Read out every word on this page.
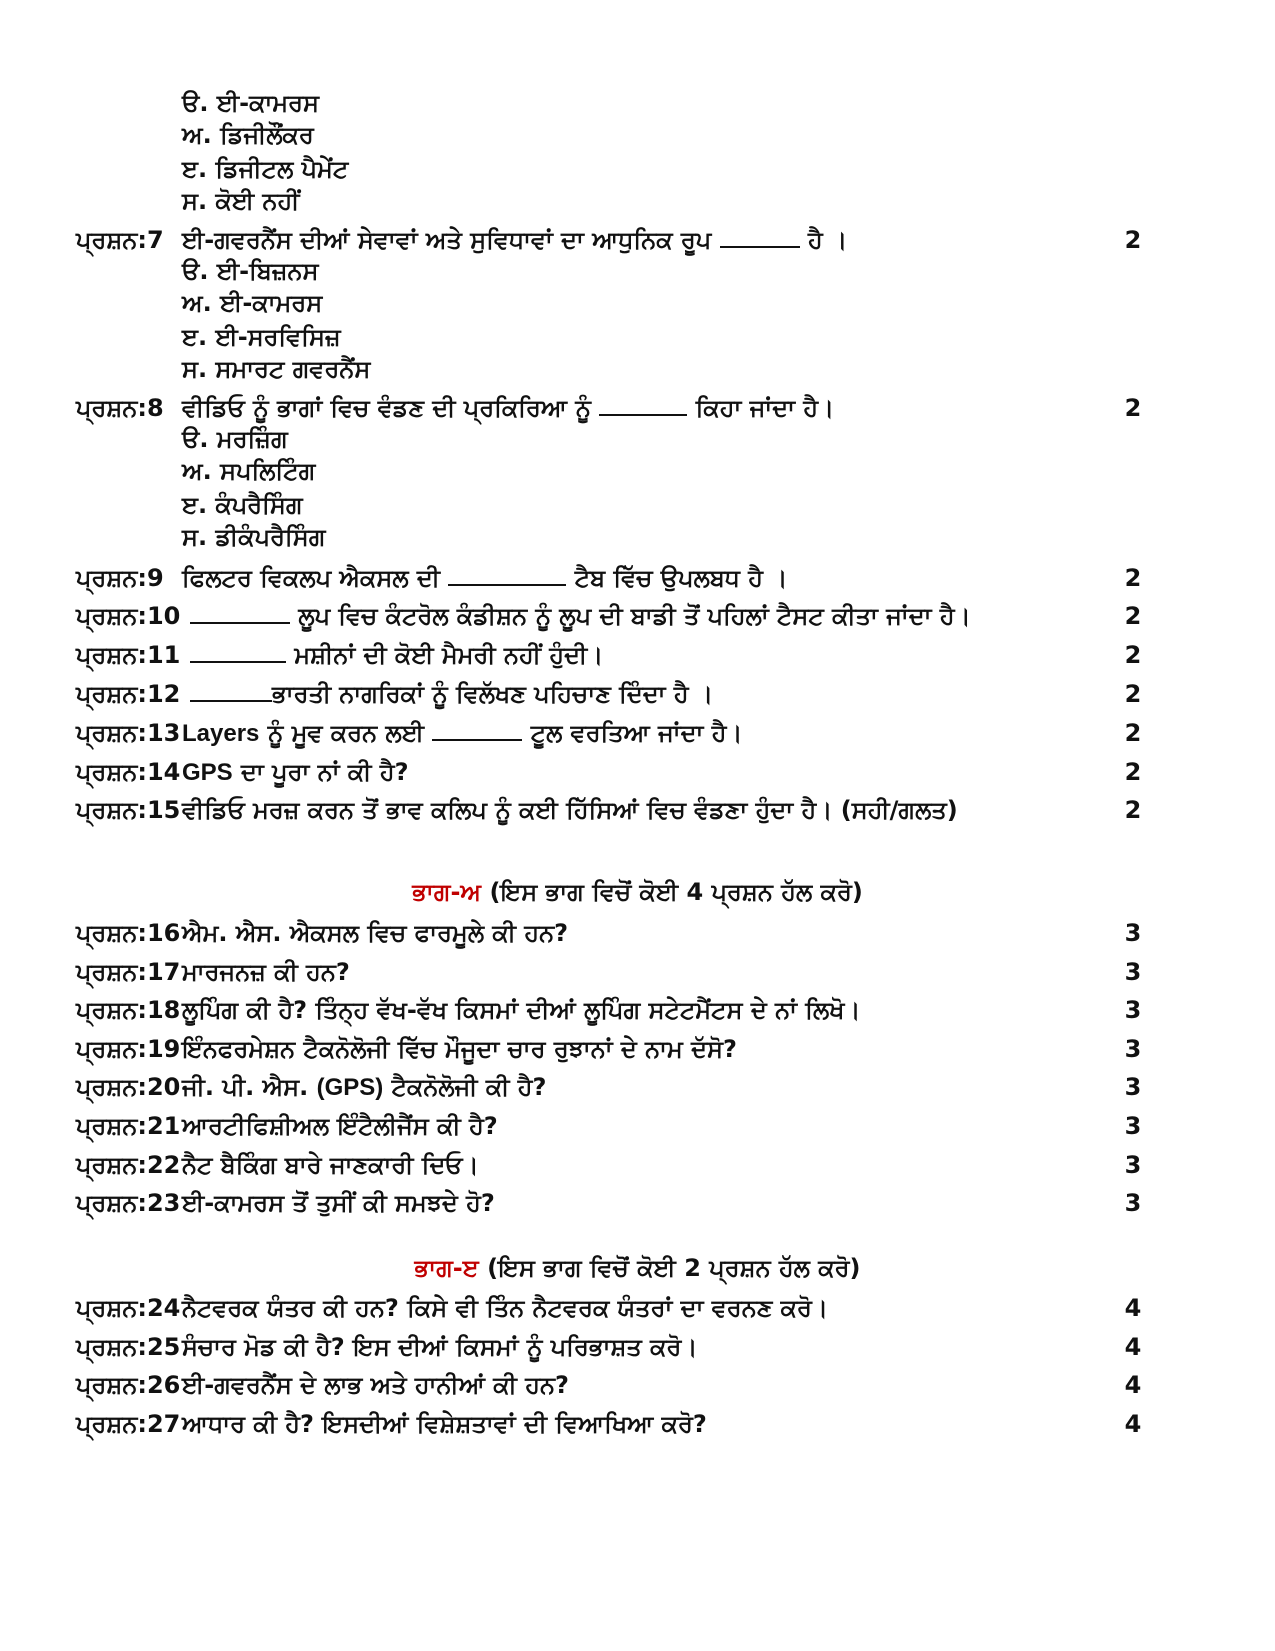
ੳ. ਈ-ਕਾਮਰਸ
ਅ. ਡਿਜੀਲੌਂਕਰ
ੲ. ਡਿਜੀਟਲ ਪੈਮੇਂਟ
ਸ. ਕੋਈ ਨਹੀਂ
ਪ੍ਰਸ਼ਨ:7 ਈ-ਗਵਰਨੈਂਸ ਦੀਆਂ ਸੇਵਾਵਾਂ ਅਤੇ ਸੁਵਿਧਾਵਾਂ ਦਾ ਆਧੁਨਿਕ ਰੂਪ	ਹੈ ।	2
ੳ. ਈ-ਬਿਜ਼ਨਸ
ਅ. ਈ-ਕਾਮਰਸ
ੲ. ਈ-ਸਰਵਿਸਿਜ਼
ਸ. ਸਮਾਰਟ ਗਵਰਨੈਂਸ
ਪ੍ਰਸ਼ਨ:8 ਵੀਡਿਓ ਨੂੰ ਭਾਗਾਂ ਵਿਚ ਵੰਡਣ ਦੀ ਪ੍ਰਕਿਰਿਆ ਨੂੰ	ਕਿਹਾ ਜਾਂਦਾ ਹੈ।	2
ੳ. ਮਰਜ਼ਿੰਗ
ਅ. ਸਪਲਿਟਿੰਗ
ੲ. ਕੰਪਰੈਸਿੰਗ
ਸ. ਡੀਕੰਪਰੈਸਿੰਗ
ਪ੍ਰਸ਼ਨ:9 ਫਿਲਟਰ ਵਿਕਲਪ ਐਕਸਲ ਦੀ	ਟੈਬ ਵਿੱਚ ਉਪਲਬਧ ਹੈ ।	2
ਪ੍ਰਸ਼ਨ:10	ਲੂਪ ਵਿਚ ਕੰਟਰੋਲ ਕੰਡੀਸ਼ਨ ਨੂੰ ਲੂਪ ਦੀ ਬਾਡੀ ਤੋਂ ਪਹਿਲਾਂ ਟੈਸਟ ਕੀਤਾ ਜਾਂਦਾ ਹੈ।	2
ਪ੍ਰਸ਼ਨ:11	ਮਸ਼ੀਨਾਂ ਦੀ ਕੋਈ ਮੈਮਰੀ ਨਹੀਂ ਹੁੰਦੀ।	2
ਪ੍ਰਸ਼ਨ:12	ਭਾਰਤੀ ਨਾਗਰਿਕਾਂ ਨੂੰ ਵਿਲੱਖਣ ਪਹਿਚਾਣ ਦਿੰਦਾ ਹੈ ।	2
ਪ੍ਰਸ਼ਨ:13 Layers ਨੂੰ ਮੂਵ ਕਰਨ ਲਈ	ਟੂਲ ਵਰਤਿਆ ਜਾਂਦਾ ਹੈ।	2
ਪ੍ਰਸ਼ਨ:14 GPS ਦਾ ਪੂਰਾ ਨਾਂ ਕੀ ਹੈ?	2
ਪ੍ਰਸ਼ਨ:15 ਵੀਡਿਓ ਮਰਜ਼ ਕਰਨ ਤੋਂ ਭਾਵ ਕਲਿਪ ਨੂੰ ਕਈ ਹਿੱਸਿਆਂ ਵਿਚ ਵੰਡਣਾ ਹੁੰਦਾ ਹੈ। (ਸਹੀ/ਗਲਤ)	2
ਭਾਗ-ਅ (ਇਸ ਭਾਗ ਵਿਚੋਂ ਕੋਈ 4 ਪ੍ਰਸ਼ਨ ਹੱਲ ਕਰੋ)
ਪ੍ਰਸ਼ਨ:16 ਐਮ. ਐਸ. ਐਕਸਲ ਵਿਚ ਫਾਰਮੂਲੇ ਕੀ ਹਨ?	3
ਪ੍ਰਸ਼ਨ:17 ਮਾਰਜਨਜ਼ ਕੀ ਹਨ?	3
ਪ੍ਰਸ਼ਨ:18 ਲੂਪਿੰਗ ਕੀ ਹੈ? ਤਿੰਨ੍ਹ ਵੱਖ-ਵੱਖ ਕਿਸਮਾਂ ਦੀਆਂ ਲੂਪਿੰਗ ਸਟੇਟਮੈਂਟਸ ਦੇ ਨਾਂ ਲਿਖੋ।	3
ਪ੍ਰਸ਼ਨ:19 ਇੰਨਫਰਮੇਸ਼ਨ ਟੈਕਨੋਲੋਜੀ ਵਿੱਚ ਮੌਜੂਦਾ ਚਾਰ ਰੁਝਾਨਾਂ ਦੇ ਨਾਮ ਦੱਸੋ?	3
ਪ੍ਰਸ਼ਨ:20 ਜੀ. ਪੀ. ਐਸ. (GPS) ਟੈਕਨੋਲੋਜੀ ਕੀ ਹੈ?	3
ਪ੍ਰਸ਼ਨ:21 ਆਰਟੀਫਿਸ਼ੀਅਲ ਇੰਟੈਲੀਜੈਂਸ ਕੀ ਹੈ?	3
ਪ੍ਰਸ਼ਨ:22 ਨੈਟ ਬੈਕਿੰਗ ਬਾਰੇ ਜਾਣਕਾਰੀ ਦਿਓ।	3
ਪ੍ਰਸ਼ਨ:23 ਈ-ਕਾਮਰਸ ਤੋਂ ਤੁਸੀਂ ਕੀ ਸਮਝਦੇ ਹੋ?	3
ਭਾਗ-ੲ (ਇਸ ਭਾਗ ਵਿਚੋਂ ਕੋਈ 2 ਪ੍ਰਸ਼ਨ ਹੱਲ ਕਰੋ)
ਪ੍ਰਸ਼ਨ:24 ਨੈਟਵਰਕ ਯੰਤਰ ਕੀ ਹਨ? ਕਿਸੇ ਵੀ ਤਿੰਨ ਨੈਟਵਰਕ ਯੰਤਰਾਂ ਦਾ ਵਰਨਣ ਕਰੋ।	4
ਪ੍ਰਸ਼ਨ:25 ਸੰਚਾਰ ਮੋਡ ਕੀ ਹੈ? ਇਸ ਦੀਆਂ ਕਿਸਮਾਂ ਨੂੰ ਪਰਿਭਾਸ਼ਤ ਕਰੋ।	4
ਪ੍ਰਸ਼ਨ:26 ਈ-ਗਵਰਨੈਂਸ ਦੇ ਲਾਭ ਅਤੇ ਹਾਨੀਆਂ ਕੀ ਹਨ?	4
ਪ੍ਰਸ਼ਨ:27 ਆਧਾਰ ਕੀ ਹੈ? ਇਸਦੀਆਂ ਵਿਸ਼ੇਸ਼ਤਾਵਾਂ ਦੀ ਵਿਆਖਿਆ ਕਰੋ?	4
